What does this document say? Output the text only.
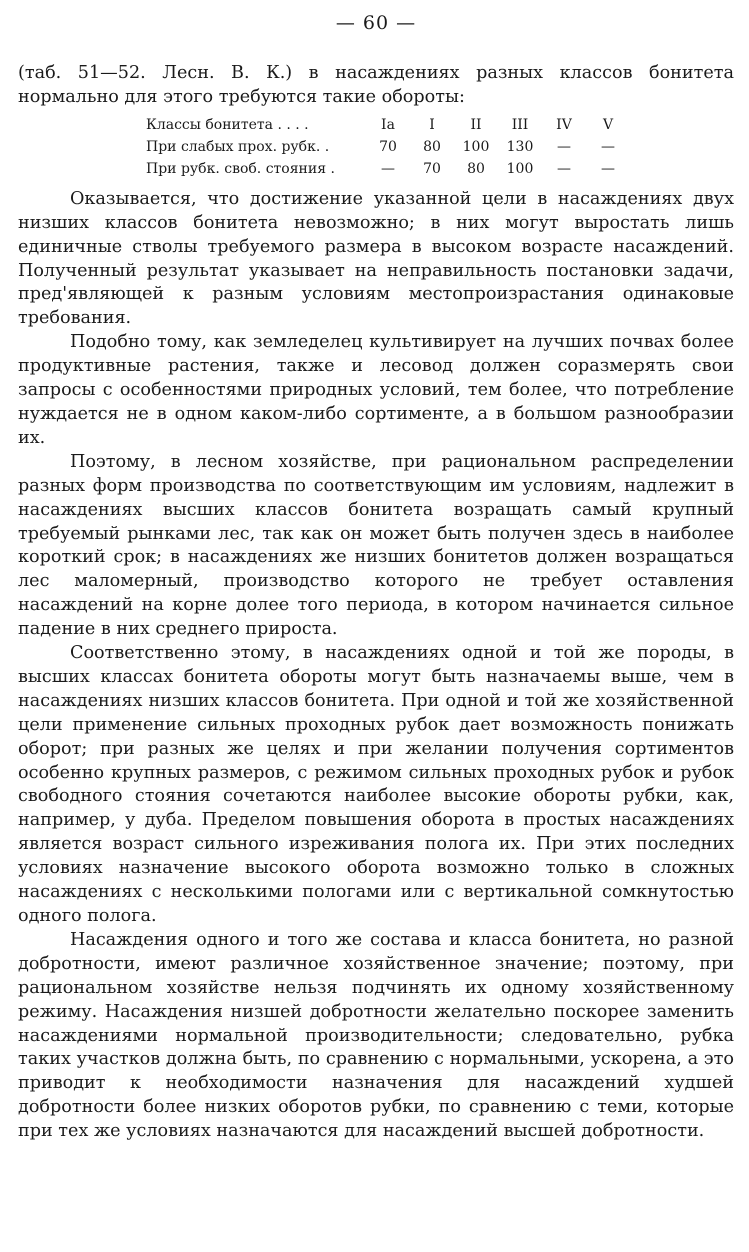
— 60 —

(таб. 51—52. Лесн. В. К.) в насаждениях разных классов бонитета нормально для этого требуются такие обороты:

Классы бонитета . . . .	Ia	I	II	III	IV	V
При слабых прох. рубк. .	70	80	100	130	—	—
При рубк. своб. стояния .	—	70	80	100	—	—

Оказывается, что достижение указанной цели в насаждениях двух низших классов бонитета невозможно; в них могут выростать лишь единичные стволы требуемого размера в высоком возрасте насаждений. Полученный результат указывает на неправильность постановки задачи, пред'являющей к разным условиям местопроизрастания одинаковые требования.

Подобно тому, как земледелец культивирует на лучших почвах более продуктивные растения, также и лесовод должен соразмерять свои запросы с особенностями природных условий, тем более, что потребление нуждается не в одном каком-либо сортименте, а в большом разнообразии их.

Поэтому, в лесном хозяйстве, при рациональном распределении разных форм производства по соответствующим им условиям, надлежит в насаждениях высших классов бонитета возращать самый крупный требуемый рынками лес, так как он может быть получен здесь в наиболее короткий срок; в насаждениях же низших бонитетов должен возращаться лес маломерный, производство которого не требует оставления насаждений на корне долее того периода, в котором начинается сильное падение в них среднего прироста.

Соответственно этому, в насаждениях одной и той же породы, в высших классах бонитета обороты могут быть назначаемы выше, чем в насаждениях низших классов бонитета. При одной и той же хозяйственной цели применение сильных проходных рубок дает возможность понижать оборот; при разных же целях и при желании получения сортиментов особенно крупных размеров, с режимом сильных проходных рубок и рубок свободного стояния сочетаются наиболее высокие обороты рубки, как, например, у дуба. Пределом повышения оборота в простых насаждениях является возраст сильного изреживания полога их. При этих последних условиях назначение высокого оборота возможно только в сложных насаждениях с несколькими пологами или с вертикальной сомкнутостью одного полога.

Насаждения одного и того же состава и класса бонитета, но разной добротности, имеют различное хозяйственное значение; поэтому, при рациональном хозяйстве нельзя подчинять их одному хозяйственному режиму. Насаждения низшей добротности желательно поскорее заменить насаждениями нормальной производительности; следовательно, рубка таких участков должна быть, по сравнению с нормальными, ускорена, а это приводит к необходимости назначения для насаждений худшей добротности более низких оборотов рубки, по сравнению с теми, которые при тех же условиях назначаются для насаждений высшей добротности.
